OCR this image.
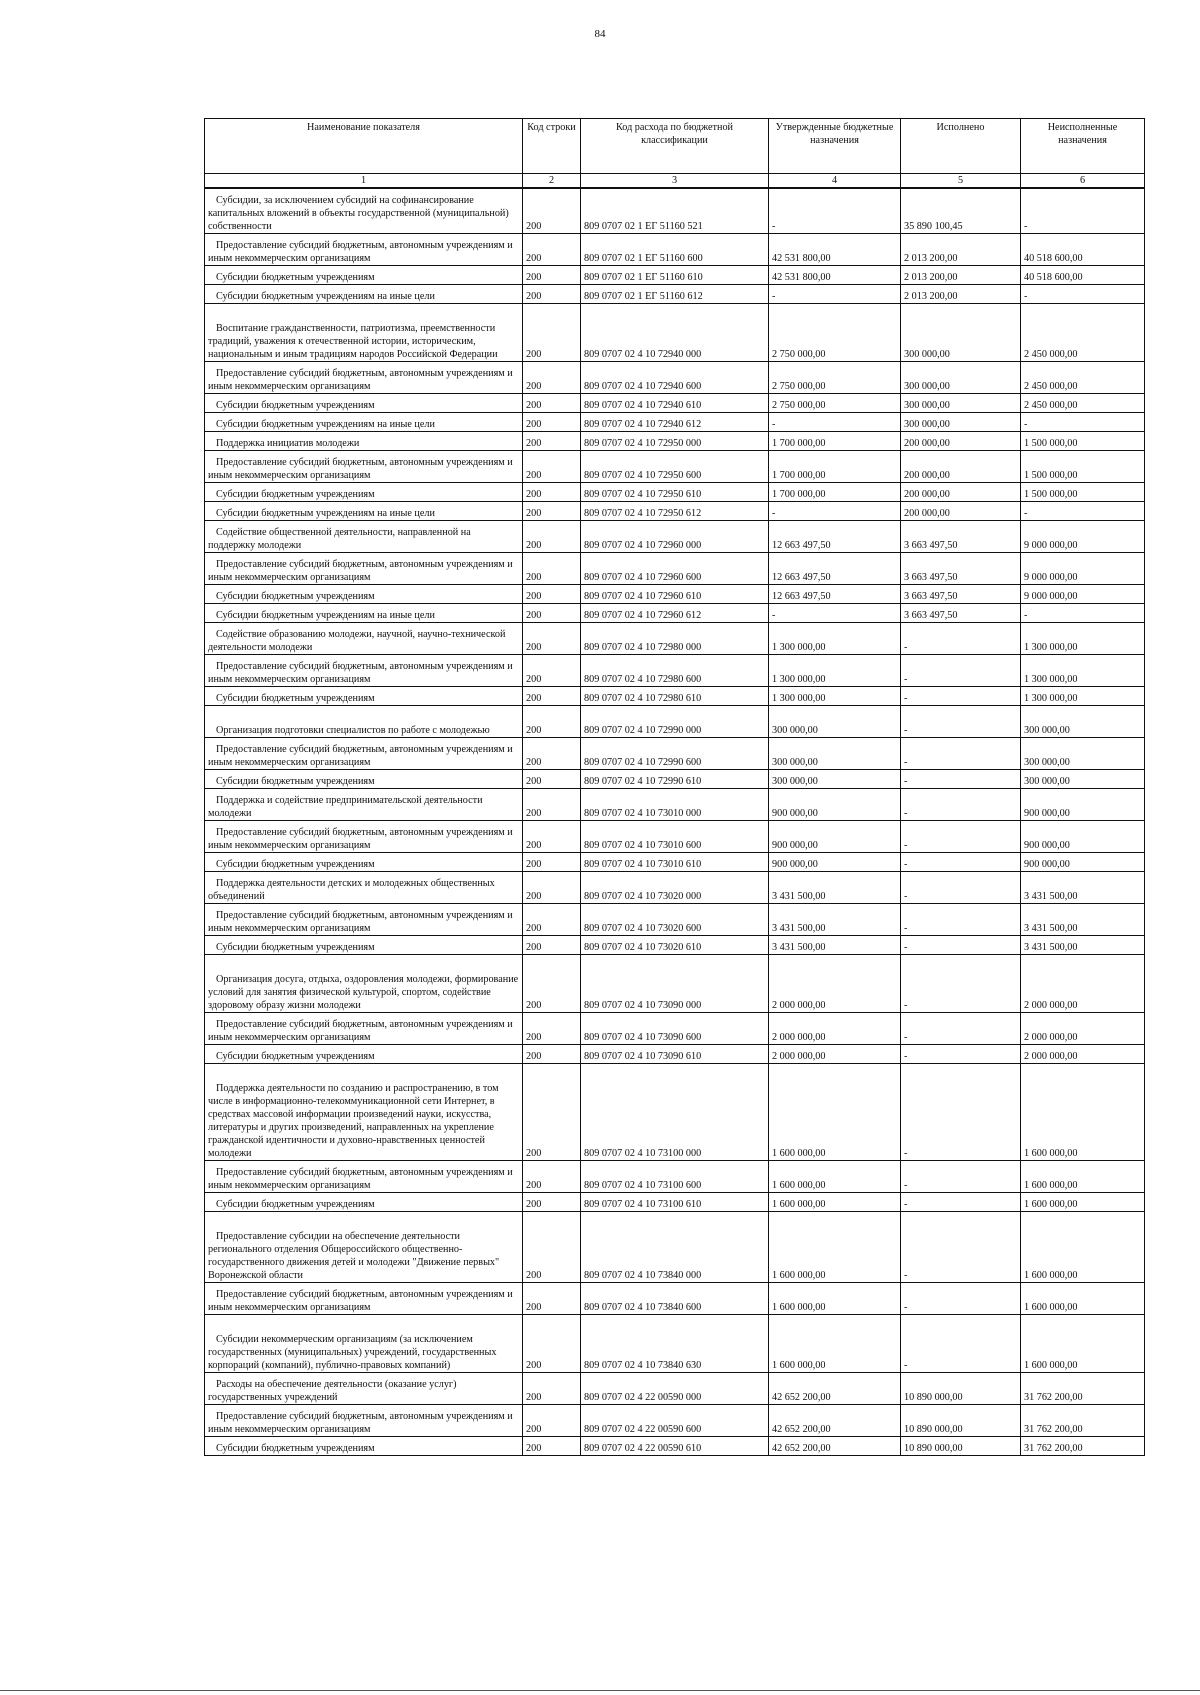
84
Наименование показателя	Код строки	Код расхода по бюджетной классификации	Утвержденные бюджетные назначения	Исполнено	Неисполненные назначения
1	2	3	4	5	6
Субсидии, за исключением субсидий на софинансирование капитальных вложений в объекты государственной (муниципальной) собственности	200	809 0707 02 1 ЕГ 51160 521	-	35 890 100,45	-
Предоставление субсидий бюджетным, автономным учреждениям и иным некоммерческим организациям	200	809 0707 02 1 ЕГ 51160 600	42 531 800,00	2 013 200,00	40 518 600,00
Субсидии бюджетным учреждениям	200	809 0707 02 1 ЕГ 51160 610	42 531 800,00	2 013 200,00	40 518 600,00
Субсидии бюджетным учреждениям на иные цели	200	809 0707 02 1 ЕГ 51160 612	-	2 013 200,00	-
Воспитание гражданственности, патриотизма, преемственности традиций, уважения к отечественной истории, историческим, национальным и иным традициям народов Российской Федерации	200	809 0707 02 4 10 72940 000	2 750 000,00	300 000,00	2 450 000,00
Предоставление субсидий бюджетным, автономным учреждениям и иным некоммерческим организациям	200	809 0707 02 4 10 72940 600	2 750 000,00	300 000,00	2 450 000,00
Субсидии бюджетным учреждениям	200	809 0707 02 4 10 72940 610	2 750 000,00	300 000,00	2 450 000,00
Субсидии бюджетным учреждениям на иные цели	200	809 0707 02 4 10 72940 612	-	300 000,00	-
Поддержка инициатив молодежи	200	809 0707 02 4 10 72950 000	1 700 000,00	200 000,00	1 500 000,00
Предоставление субсидий бюджетным, автономным учреждениям и иным некоммерческим организациям	200	809 0707 02 4 10 72950 600	1 700 000,00	200 000,00	1 500 000,00
Субсидии бюджетным учреждениям	200	809 0707 02 4 10 72950 610	1 700 000,00	200 000,00	1 500 000,00
Субсидии бюджетным учреждениям на иные цели	200	809 0707 02 4 10 72950 612	-	200 000,00	-
Содействие общественной деятельности, направленной на поддержку молодежи	200	809 0707 02 4 10 72960 000	12 663 497,50	3 663 497,50	9 000 000,00
Предоставление субсидий бюджетным, автономным учреждениям и иным некоммерческим организациям	200	809 0707 02 4 10 72960 600	12 663 497,50	3 663 497,50	9 000 000,00
Субсидии бюджетным учреждениям	200	809 0707 02 4 10 72960 610	12 663 497,50	3 663 497,50	9 000 000,00
Субсидии бюджетным учреждениям на иные цели	200	809 0707 02 4 10 72960 612	-	3 663 497,50	-
Содействие образованию молодежи, научной, научно-технической деятельности молодежи	200	809 0707 02 4 10 72980 000	1 300 000,00	-	1 300 000,00
Предоставление субсидий бюджетным, автономным учреждениям и иным некоммерческим организациям	200	809 0707 02 4 10 72980 600	1 300 000,00	-	1 300 000,00
Субсидии бюджетным учреждениям	200	809 0707 02 4 10 72980 610	1 300 000,00	-	1 300 000,00
Организация подготовки специалистов по работе с молодежью	200	809 0707 02 4 10 72990 000	300 000,00	-	300 000,00
Предоставление субсидий бюджетным, автономным учреждениям и иным некоммерческим организациям	200	809 0707 02 4 10 72990 600	300 000,00	-	300 000,00
Субсидии бюджетным учреждениям	200	809 0707 02 4 10 72990 610	300 000,00	-	300 000,00
Поддержка и содействие предпринимательской деятельности молодежи	200	809 0707 02 4 10 73010 000	900 000,00	-	900 000,00
Предоставление субсидий бюджетным, автономным учреждениям и иным некоммерческим организациям	200	809 0707 02 4 10 73010 600	900 000,00	-	900 000,00
Субсидии бюджетным учреждениям	200	809 0707 02 4 10 73010 610	900 000,00	-	900 000,00
Поддержка деятельности детских и молодежных общественных объединений	200	809 0707 02 4 10 73020 000	3 431 500,00	-	3 431 500,00
Предоставление субсидий бюджетным, автономным учреждениям и иным некоммерческим организациям	200	809 0707 02 4 10 73020 600	3 431 500,00	-	3 431 500,00
Субсидии бюджетным учреждениям	200	809 0707 02 4 10 73020 610	3 431 500,00	-	3 431 500,00
Организация досуга, отдыха, оздоровления молодежи, формирование условий для занятия физической культурой, спортом, содействие здоровому образу жизни молодежи	200	809 0707 02 4 10 73090 000	2 000 000,00	-	2 000 000,00
Предоставление субсидий бюджетным, автономным учреждениям и иным некоммерческим организациям	200	809 0707 02 4 10 73090 600	2 000 000,00	-	2 000 000,00
Субсидии бюджетным учреждениям	200	809 0707 02 4 10 73090 610	2 000 000,00	-	2 000 000,00
Поддержка деятельности по созданию и распространению, в том числе в информационно-телекоммуникационной сети Интернет, в средствах массовой информации произведений науки, искусства, литературы и других произведений, направленных на укрепление гражданской идентичности и духовно-нравственных ценностей молодежи	200	809 0707 02 4 10 73100 000	1 600 000,00	-	1 600 000,00
Предоставление субсидий бюджетным, автономным учреждениям и иным некоммерческим организациям	200	809 0707 02 4 10 73100 600	1 600 000,00	-	1 600 000,00
Субсидии бюджетным учреждениям	200	809 0707 02 4 10 73100 610	1 600 000,00	-	1 600 000,00
Предоставление субсидии на обеспечение деятельности регионального отделения Общероссийского общественно-государственного движения детей и молодежи "Движение первых" Воронежской области	200	809 0707 02 4 10 73840 000	1 600 000,00	-	1 600 000,00
Предоставление субсидий бюджетным, автономным учреждениям и иным некоммерческим организациям	200	809 0707 02 4 10 73840 600	1 600 000,00	-	1 600 000,00
Субсидии некоммерческим организациям (за исключением государственных (муниципальных) учреждений, государственных корпораций (компаний), публично-правовых компаний)	200	809 0707 02 4 10 73840 630	1 600 000,00	-	1 600 000,00
Расходы на обеспечение деятельности (оказание услуг) государственных учреждений	200	809 0707 02 4 22 00590 000	42 652 200,00	10 890 000,00	31 762 200,00
Предоставление субсидий бюджетным, автономным учреждениям и иным некоммерческим организациям	200	809 0707 02 4 22 00590 600	42 652 200,00	10 890 000,00	31 762 200,00
Субсидии бюджетным учреждениям	200	809 0707 02 4 22 00590 610	42 652 200,00	10 890 000,00	31 762 200,00
